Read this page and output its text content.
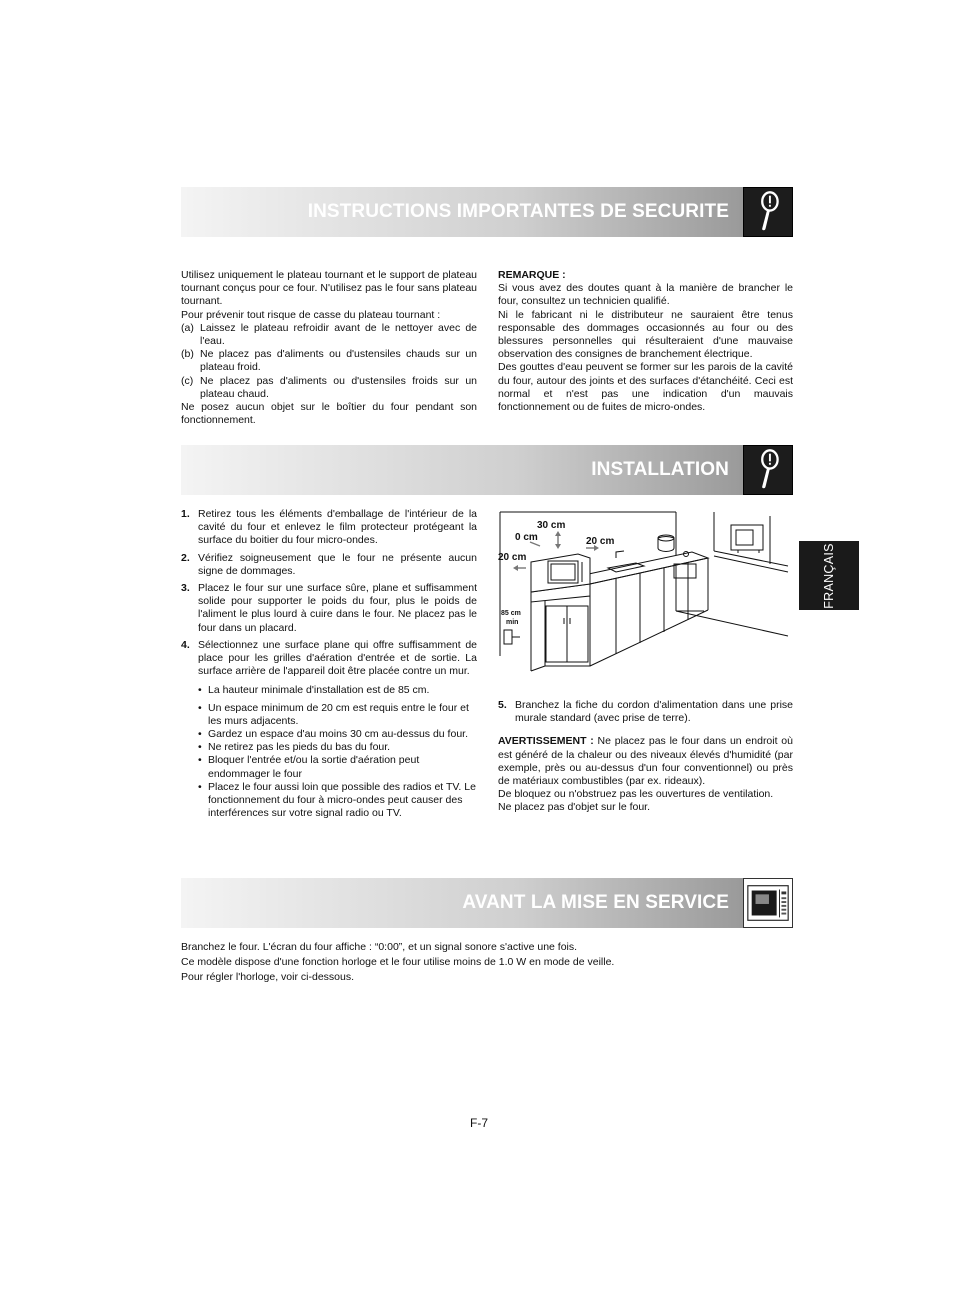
INSTRUCTIONS IMPORTANTES DE SECURITE

Utilisez uniquement le plateau tournant et le support de plateau tournant conçus pour ce four. N'utilisez pas le four sans plateau tournant.

Pour prévenir tout risque de casse du plateau tournant :

(a) Laissez le plateau refroidir avant de le nettoyer avec de l'eau.
(b) Ne placez pas d'aliments ou d'ustensiles chauds sur un plateau froid.
(c) Ne placez pas d'aliments ou d'ustensiles froids sur un plateau chaud.

Ne posez aucun objet sur le boîtier du four pendant son fonctionnement.

REMARQUE :

Si vous avez des doutes quant à la manière de brancher le four, consultez un technicien qualifié.

Ni le fabricant ni le distributeur ne sauraient être tenus responsable des dommages occasionnés au four ou des blessures personnelles qui résulteraient d'une mauvaise observation des consignes de branchement électrique.

Des gouttes d'eau peuvent se former sur les parois de la cavité du four, autour des joints et des surfaces d'étanchéité. Ceci est normal et n'est pas une indication d'un mauvais fonctionnement ou de fuites de micro-ondes.

INSTALLATION
1. Retirez tous les éléments d'emballage de l'intérieur de la cavité du four et enlevez le film protecteur protégeant la surface du boitier du four micro-ondes.
2. Vérifiez soigneusement que le four ne présente aucun signe de dommages.
3. Placez le four sur une surface sûre, plane et suffisamment solide pour supporter le poids du four, plus le poids de l'aliment le plus lourd à cuire dans le four. Ne placez pas le four dans un placard.
4. Sélectionnez une surface plane qui offre suffisamment de place pour les grilles d'aération d'entrée et de sortie. La surface arrière de l'appareil doit être placée contre un mur.
• La hauteur minimale d'installation est de 85 cm.
• Un espace minimum de 20 cm est requis entre le four et les murs adjacents.
• Gardez un espace d'au moins 30 cm au-dessus du four.
• Ne retirez pas les pieds du bas du four.
• Bloquer l'entrée et/ou la sortie d'aération peut endommager le four
• Placez le four aussi loin que possible des radios et TV. Le fonctionnement du four à micro-ondes peut causer des interférences sur votre signal radio ou TV.
30 cm
0 cm	20 cm
20 cm
85 cm
min
5. Branchez la fiche du cordon d'alimentation dans une prise murale standard (avec prise de terre).

AVERTISSEMENT : Ne placez pas le four dans un endroit où est généré de la chaleur ou des niveaux élevés d'humidité (par exemple, près ou au-dessus d'un four conventionnel) ou près de matériaux combustibles (par ex. rideaux).

De bloquez ou n'obstruez pas les ouvertures de ventilation.

Ne placez pas d'objet sur le four.

FRANÇAIS
AVANT LA MISE EN SERVICE

Branchez le four. L'écran du four affiche : “0:00”, et un signal sonore s'active une fois.

Ce modèle dispose d'une fonction horloge et le four utilise moins de 1.0 W en mode de veille.

Pour régler l'horloge, voir ci-dessous.

F-7
